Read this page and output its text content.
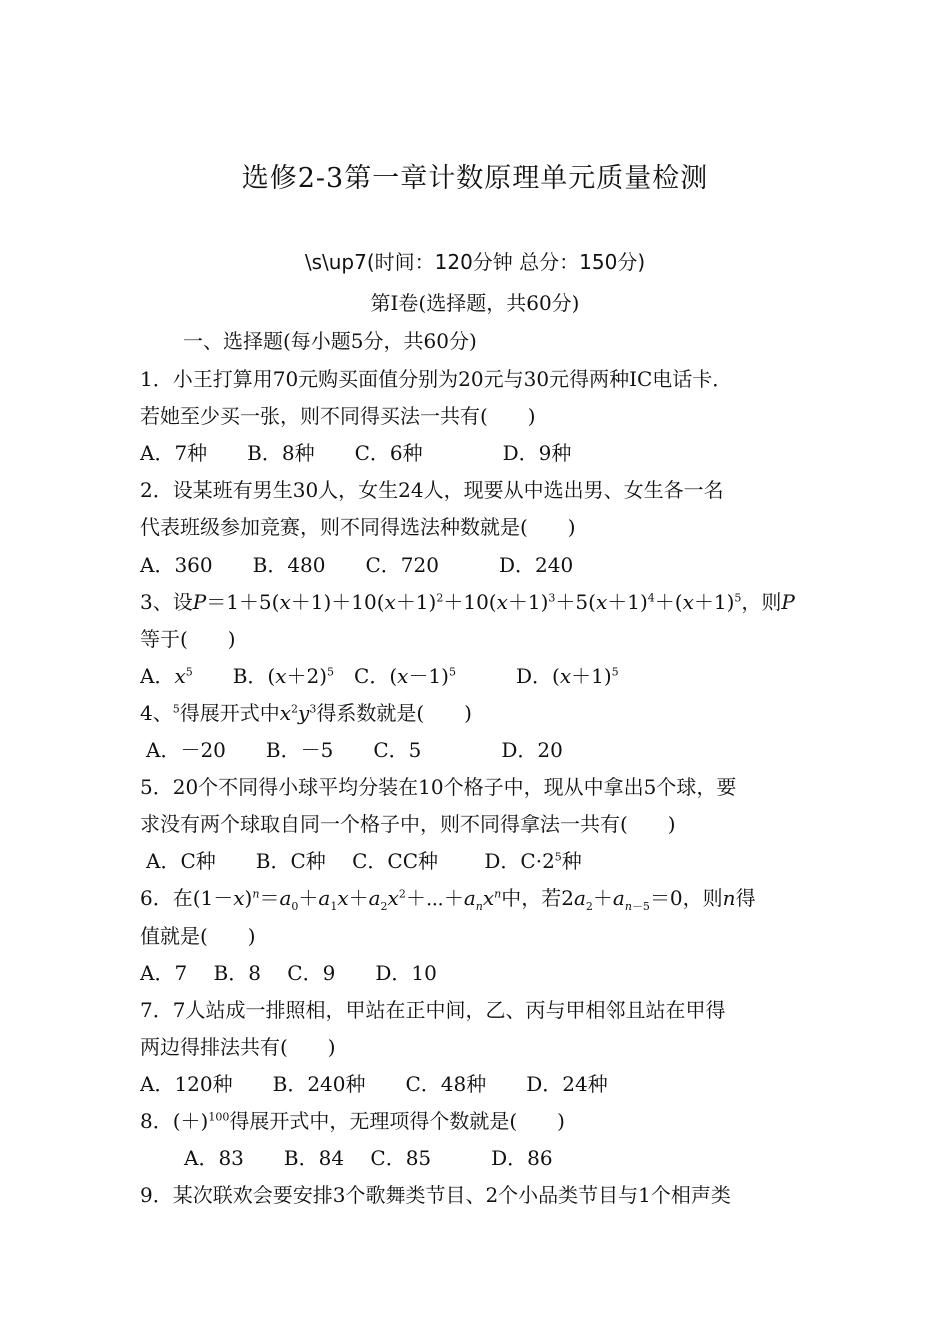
选修2-3第一章计数原理单元质量检测
\s\up7(时间：120分钟 总分：150分)
第Ⅰ卷(选择题，共60分)
一、选择题(每小题5分，共60分)
1．小王打算用70元购买面值分别为20元与30元得两种IC电话卡．
若她至少买一张，则不同得买法一共有(　　)
A．7种　　B．8种　　C．6种　　　　D．9种
2．设某班有男生30人，女生24人，现要从中选出男、女生各一名
代表班级参加竞赛，则不同得选法种数就是(　　)
A．360　　B．480　　C．720　　　D．240
3、设$P=1+5(x+1)+10(x+1)^2+10(x+1)^3+5(x+1)^4+(x+1)^5$，则P
等于(　　)
A．$x^5$　　B．$(x+2)^5$　C．$(x-1)^5$　　　D．$(x+1)^5$
4、$^5$得展开式中$x^2y^3$得系数就是(　　)
A．－20　　B．－5　　C．5　　　　D．20
5．20个不同得小球平均分装在10个格子中，现从中拿出5个球，要
求没有两个球取自同一个格子中，则不同得拿法一共有(　　)
A．C种　　B．C种　 C．CC种　　 D．$C\cdot 2^5$种
6．在$(1-x)^n=a_0+a_1x+a_2x^2+\cdots+a_nx^n$中，若$2a_2+a_{n-5}=0$，则n得
值就是(　　)
A．7　 B．8　 C．9　　D．10
7．7人站成一排照相，甲站在正中间，乙、丙与甲相邻且站在甲得
两边得排法共有(　　)
A．120种　　B．240种　　C．48种　　D．24种
8．$(+)^{100}$得展开式中，无理项得个数就是(　　)
A．83　　B．84　 C．85　　　D．86
9．某次联欢会要安排3个歌舞类节目、2个小品类节目与1个相声类
